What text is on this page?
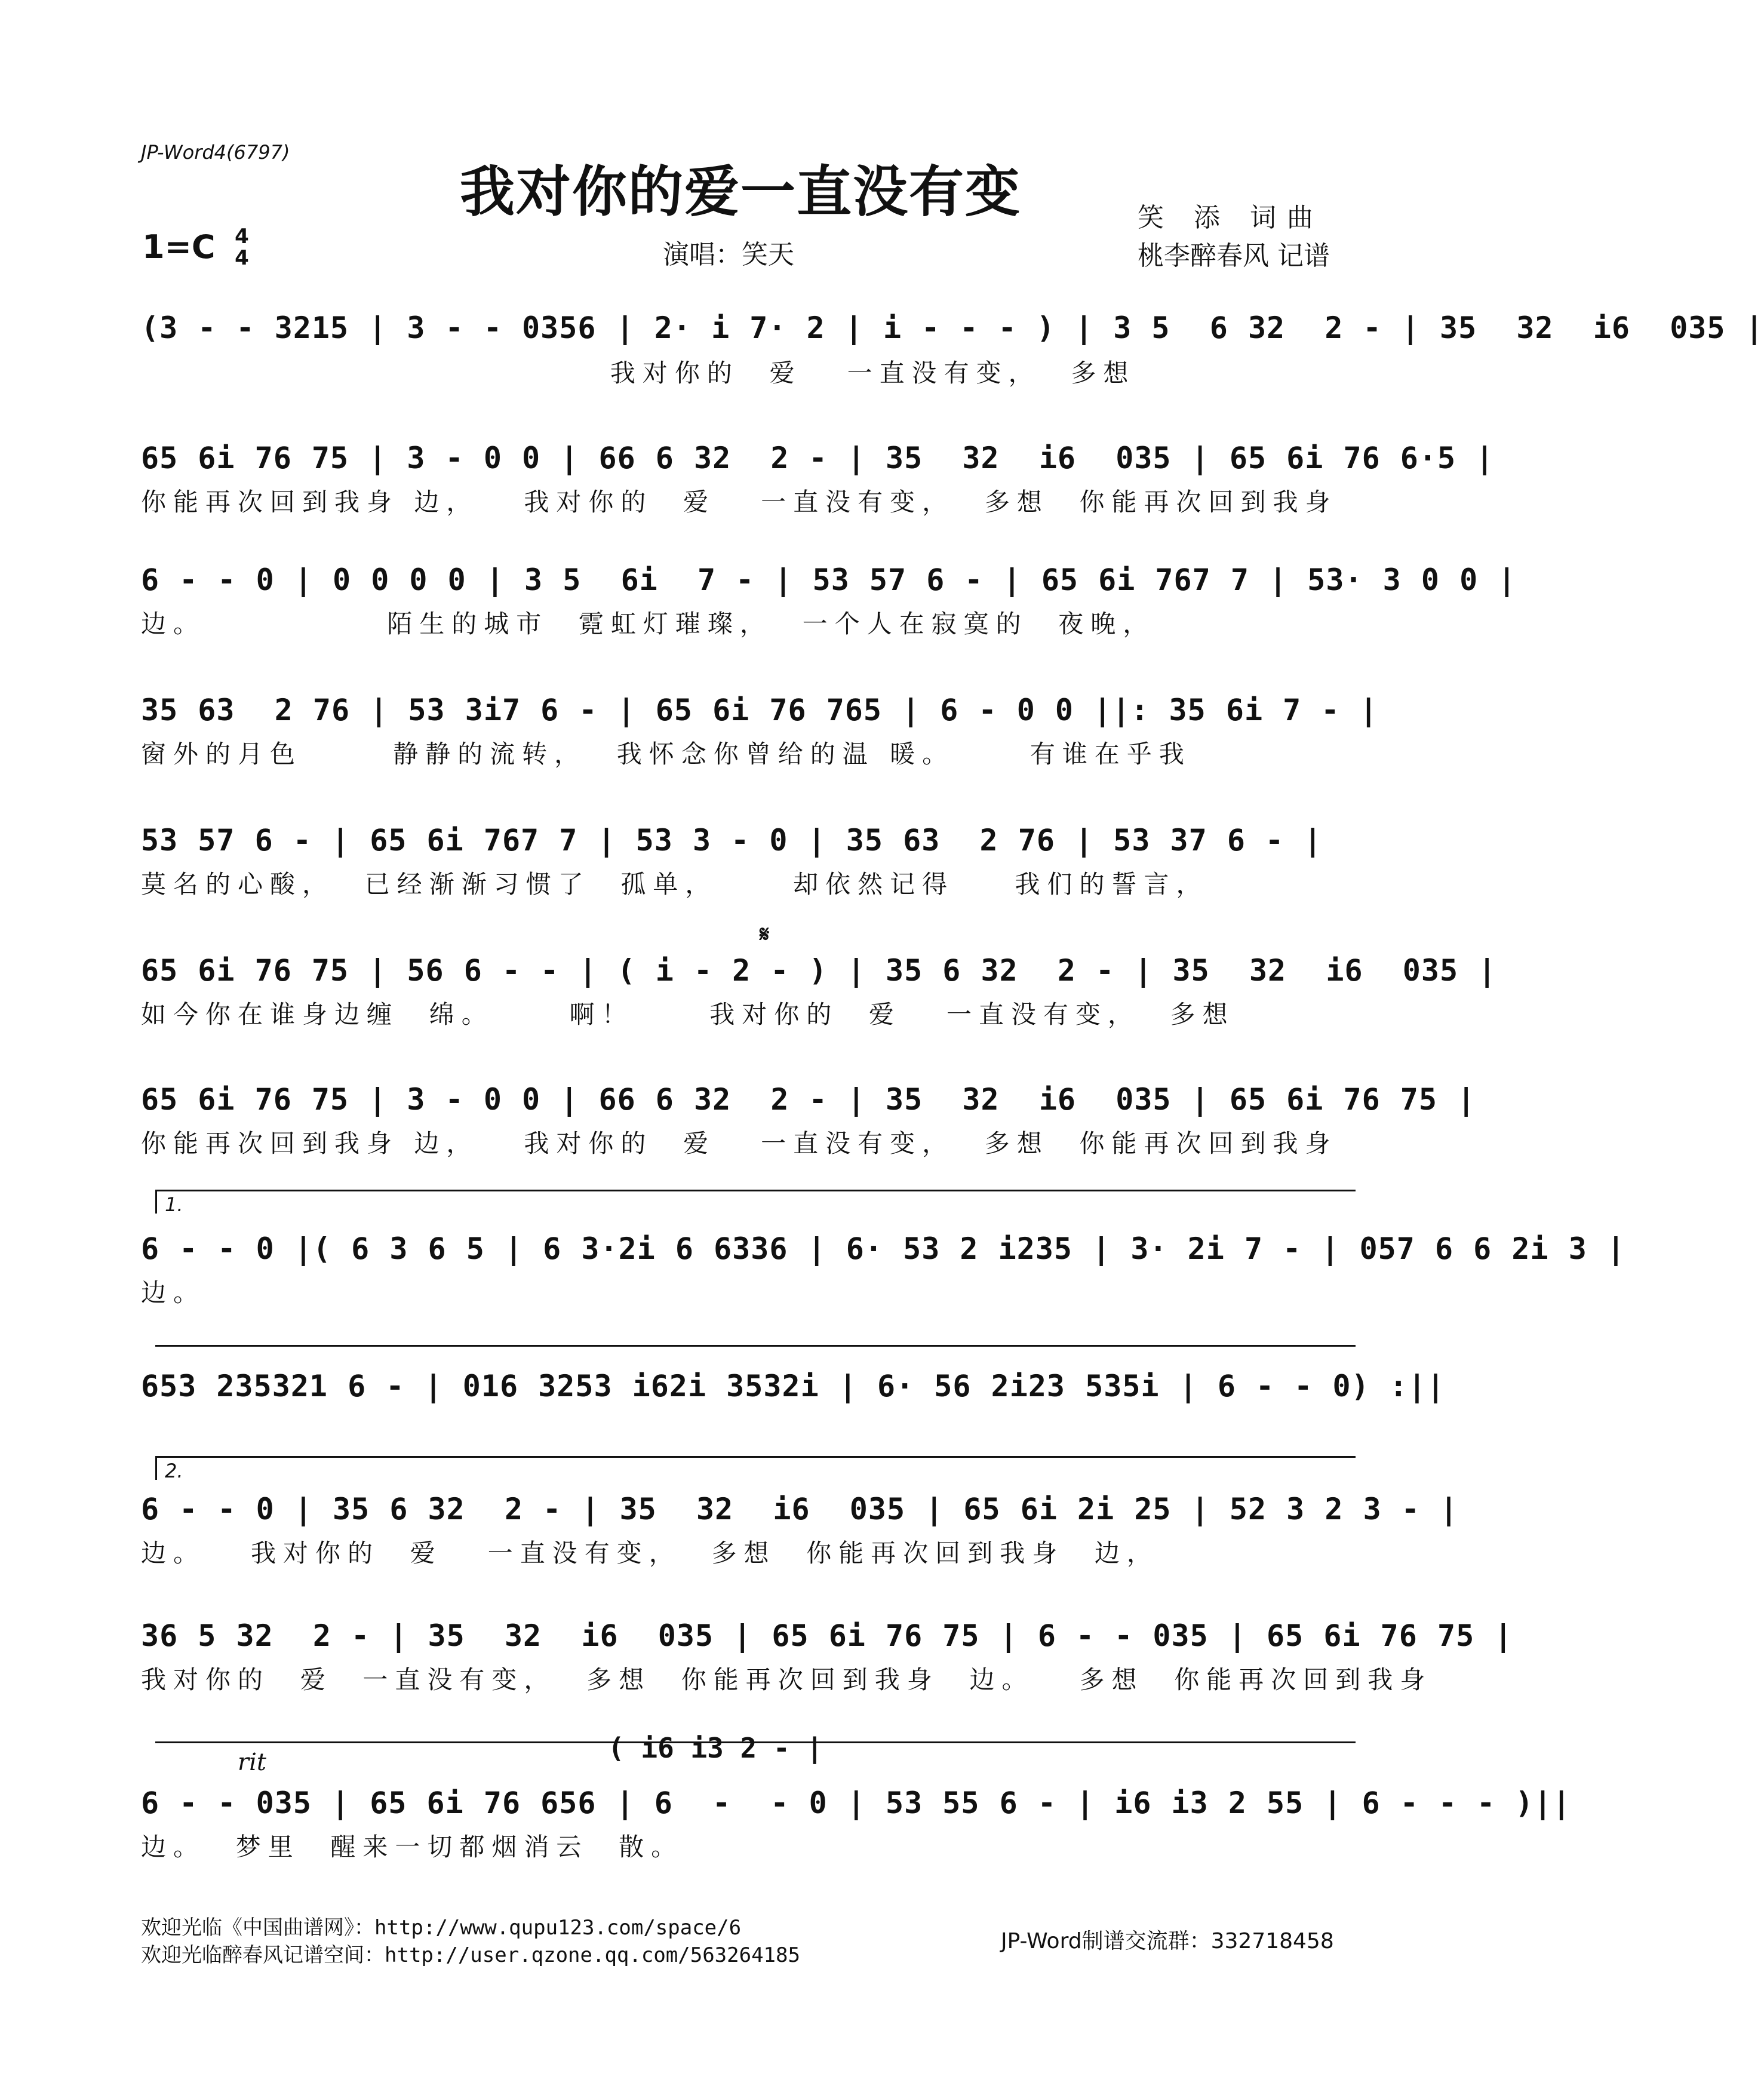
JP-Word4(6797)
我对你的爱一直没有变
1=C 4
4	演唱：笑天
笑 添 词曲
桃李醉春风 记谱
(3 - - 3215 | 3 - - 0356 | 2· i 7· 2 | i - - - ) | 3 5  6 32  2 - | 35  32  i6  035 |
我对你的  爱   一直没有变，  多想
65 6i 76 75 | 3 - 0 0 | 66 6 32  2 - | 35  32  i6  035 | 65 6i 76 6·5 |
你能再次回到我身 边，   我对你的  爱   一直没有变，  多想  你能再次回到我身
6 - - 0 | 0 0 0 0 | 3 5  6i  7 - | 53 57 6 - | 65 6i 767 7 | 53· 3 0 0 |
边。            陌生的城市  霓虹灯璀璨，  一个人在寂寞的  夜晚，
35 63  2 76 | 53 3i7 6 - | 65 6i 76 765 | 6 - 0 0 ||: 35 6i 7 - |
窗外的月色      静静的流转，  我怀念你曾给的温 暖。     有谁在乎我
53 57 6 - | 65 6i 767 7 | 53 3 - 0 | 35 63  2 76 | 53 37 6 - |
莫名的心酸，  已经渐渐习惯了  孤单，     却依然记得    我们的誓言，
𝄋
65 6i 76 75 | 56 6 - - | ( i - 2 - ) | 35 6 32  2 - | 35  32  i6  035 |
如今你在谁身边缠  绵。     啊！     我对你的  爱   一直没有变，  多想
65 6i 76 75 | 3 - 0 0 | 66 6 32  2 - | 35  32  i6  035 | 65 6i 76 75 |
你能再次回到我身 边，   我对你的  爱   一直没有变，  多想  你能再次回到我身
1.
6 - - 0 |( 6 3 6 5 | 6 3·2i 6 6336 | 6· 53 2 i235 | 3· 2i 7 - | 057 6 6 2i 3 |
边。
653 235321 6 - | 016 3253 i62i 3532i | 6· 56 2i23 535i | 6 - - 0) :||
2.
6 - - 0 | 35 6 32  2 - | 35  32  i6  035 | 65 6i 2i 25 | 52 3 2 3 - |
边。   我对你的  爱   一直没有变，  多想  你能再次回到我身  边，
36 5 32  2 - | 35  32  i6  035 | 65 6i 76 75 | 6 - - 035 | 65 6i 76 75 |
我对你的  爱  一直没有变，  多想  你能再次回到我身  边。   多想  你能再次回到我身
rit	( i6 i3 2 - |
6 - - 035 | 65 6i 76 656 | 6  -  - 0 | 53 55 6 - | i6 i3 2 55 | 6 - - - )||
边。  梦里  醒来一切都烟消云  散。
欢迎光临《中国曲谱网》：http://www.qupu123.com/space/6
欢迎光临醉春风记谱空间：http://user.qzone.qq.com/563264185
JP-Word制谱交流群：332718458
